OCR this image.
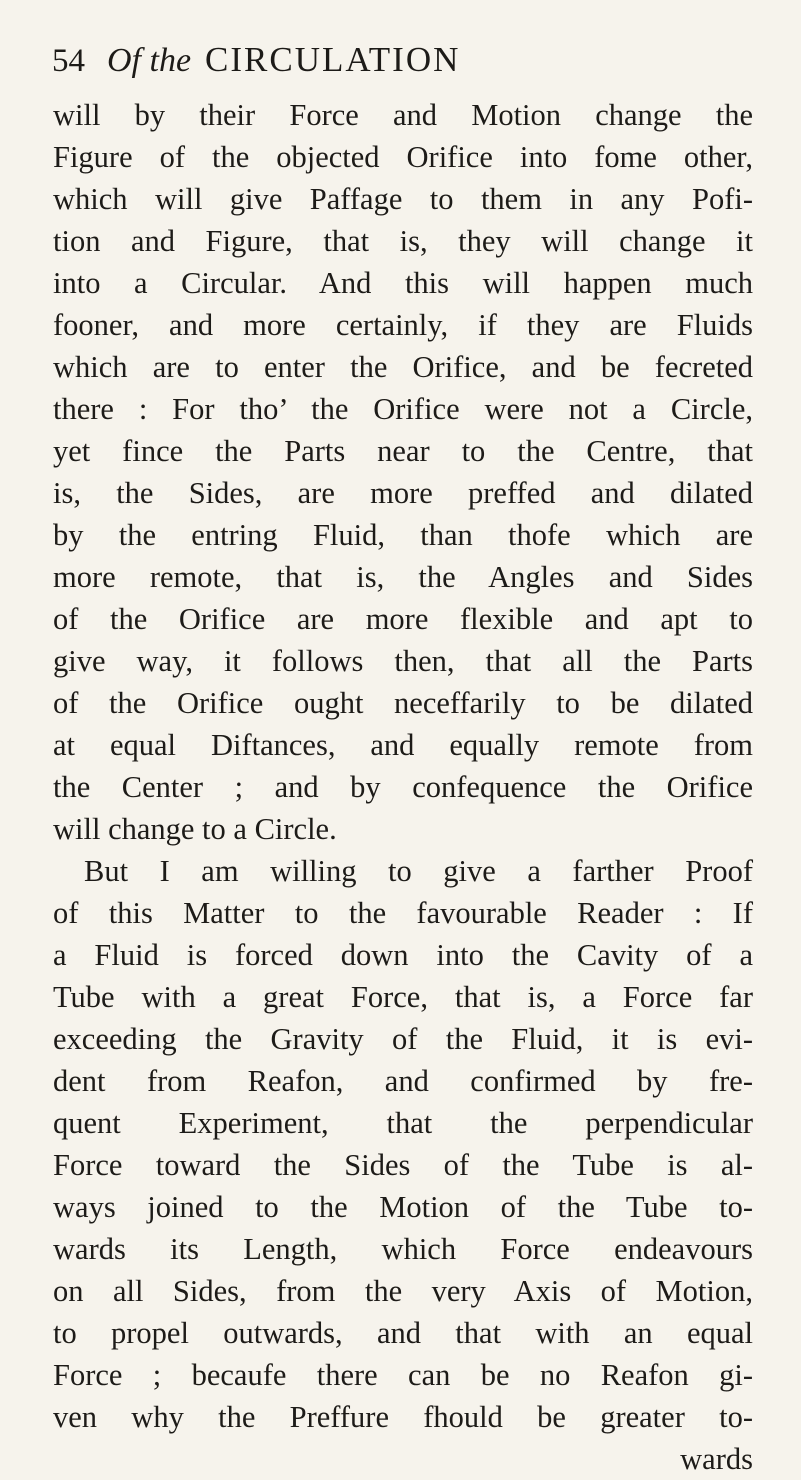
54 Of the CIRCULATION
will by their Force and Motion change the
Figure of the objected Orifice into fome other,
which will give Paffage to them in any Pofi-
tion and Figure, that is, they will change it
into a Circular. And this will happen much
fooner, and more certainly, if they are Fluids
which are to enter the Orifice, and be fecreted
there : For tho’ the Orifice were not a Circle,
yet fince the Parts near to the Centre, that
is, the Sides, are more preffed and dilated
by the entring Fluid, than thofe which are
more remote, that is, the Angles and Sides
of the Orifice are more flexible and apt to
give way, it follows then, that all the Parts
of the Orifice ought neceffarily to be dilated
at equal Diftances, and equally remote from
the Center ; and by confequence the Orifice
will change to a Circle.
But I am willing to give a farther Proof
of this Matter to the favourable Reader : If
a Fluid is forced down into the Cavity of a
Tube with a great Force, that is, a Force far
exceeding the Gravity of the Fluid, it is evi-
dent from Reafon, and confirmed by fre-
quent Experiment, that the perpendicular
Force toward the Sides of the Tube is al-
ways joined to the Motion of the Tube to-
wards its Length, which Force endeavours
on all Sides, from the very Axis of Motion,
to propel outwards, and that with an equal
Force ; becaufe there can be no Reafon gi-
ven why the Preffure fhould be greater to-
wards
